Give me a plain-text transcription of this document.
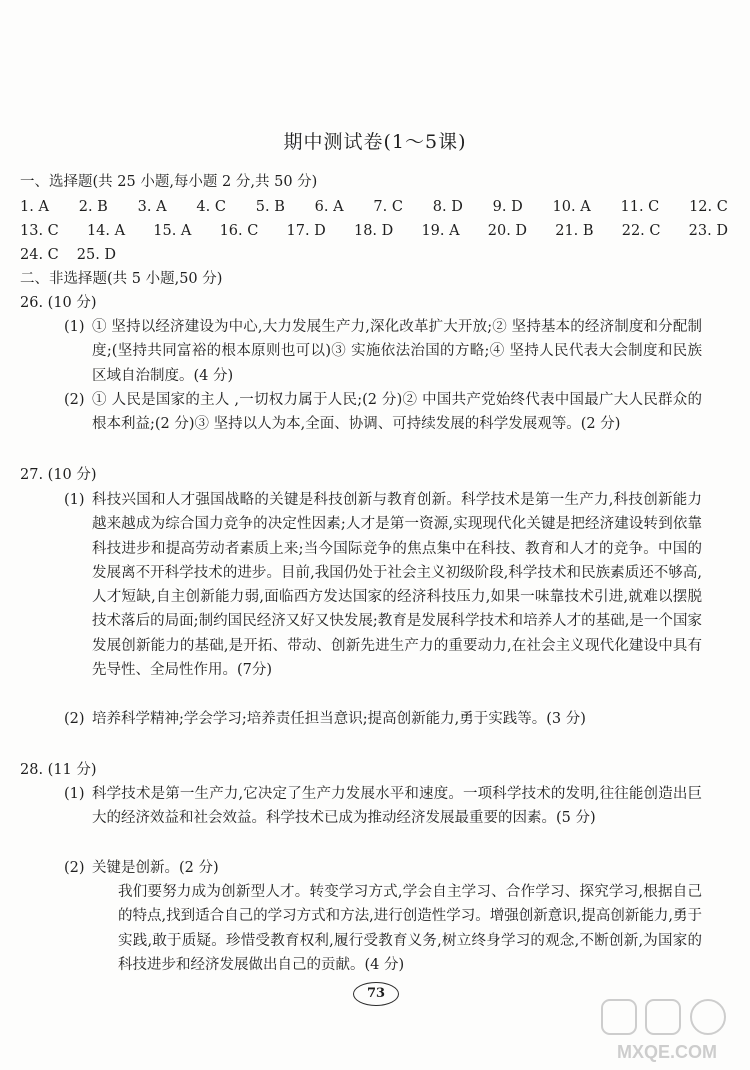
期中测试卷(1～5课)
一、选择题(共 25 小题,每小题 2 分,共 50 分)
1. A 2. B 3. A 4. C 5. B 6. A 7. C 8. D 9. D 10. A 11. C 12. C
13. C 14. A 15. A 16. C 17. D 18. D 19. A 20. D 21. B 22. C 23. D
24. C 25. D
二、非选择题(共 5 小题,50 分)
26. (10 分)
(1) ① 坚持以经济建设为中心,大力发展生产力,深化改革扩大开放;② 坚持基本的经济制度和分配制度;(坚持共同富裕的根本原则也可以)③ 实施依法治国的方略;④ 坚持人民代表大会制度和民族区域自治制度。(4 分)
(2) ① 人民是国家的主人 ,一切权力属于人民;(2 分)② 中国共产党始终代表中国最广大人民群众的根本利益;(2 分)③ 坚持以人为本,全面、协调、可持续发展的科学发展观等。(2 分)
27. (10 分)
(1) 科技兴国和人才强国战略的关键是科技创新与教育创新。科学技术是第一生产力,科技创新能力越来越成为综合国力竞争的决定性因素;人才是第一资源,实现现代化关键是把经济建设转到依靠科技进步和提高劳动者素质上来;当今国际竞争的焦点集中在科技、教育和人才的竞争。中国的发展离不开科学技术的进步。目前,我国仍处于社会主义初级阶段,科学技术和民族素质还不够高,人才短缺,自主创新能力弱,面临西方发达国家的经济科技压力,如果一味靠技术引进,就难以摆脱技术落后的局面;制约国民经济又好又快发展;教育是发展科学技术和培养人才的基础,是一个国家发展创新能力的基础,是开拓、带动、创新先进生产力的重要动力,在社会主义现代化建设中具有先导性、全局性作用。(7分)
(2) 培养科学精神;学会学习;培养责任担当意识;提高创新能力,勇于实践等。(3 分)
28. (11 分)
(1) 科学技术是第一生产力,它决定了生产力发展水平和速度。一项科学技术的发明,往往能创造出巨大的经济效益和社会效益。科学技术已成为推动经济发展最重要的因素。(5 分)
(2) 关键是创新。(2 分)
我们要努力成为创新型人才。转变学习方式,学会自主学习、合作学习、探究学习,根据自己的特点,找到适合自己的学习方式和方法,进行创造性学习。增强创新意识,提高创新能力,勇于实践,敢于质疑。珍惜受教育权利,履行受教育义务,树立终身学习的观念,不断创新,为国家的科技进步和经济发展做出自己的贡献。(4 分)
73
MXQE.COM
